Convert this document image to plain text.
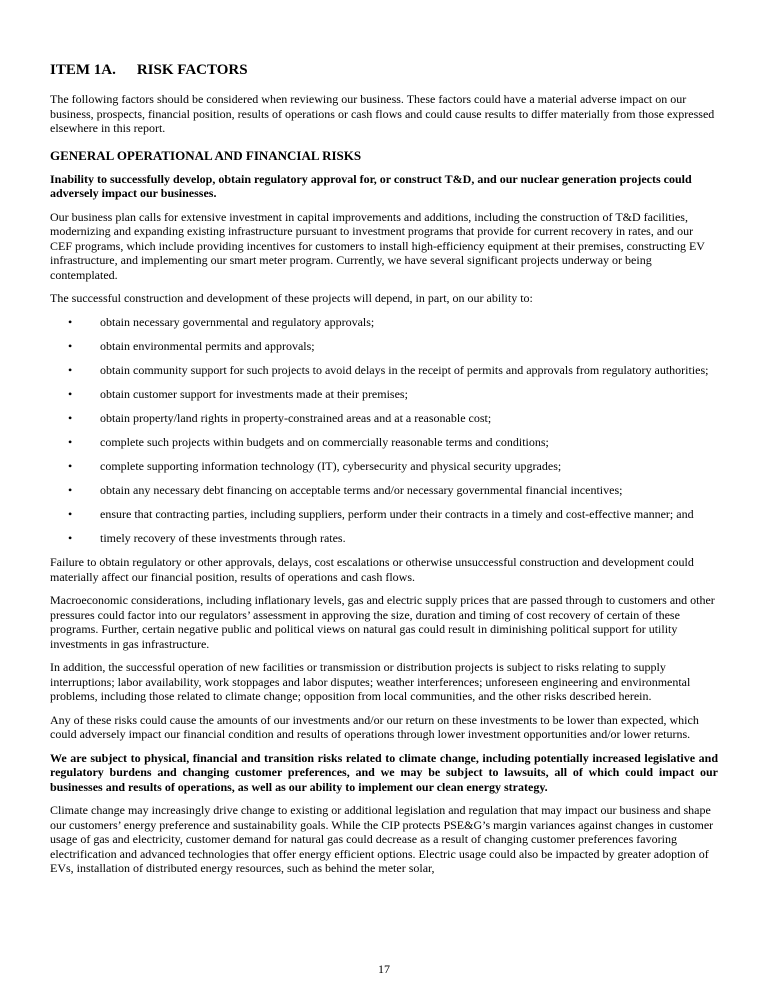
ITEM 1A. RISK FACTORS

The following factors should be considered when reviewing our business. These factors could have a material adverse impact on our business, prospects, financial position, results of operations or cash flows and could cause results to differ materially from those expressed elsewhere in this report.

GENERAL OPERATIONAL AND FINANCIAL RISKS

Inability to successfully develop, obtain regulatory approval for, or construct T&D, and our nuclear generation projects could adversely impact our businesses.

Our business plan calls for extensive investment in capital improvements and additions, including the construction of T&D facilities, modernizing and expanding existing infrastructure pursuant to investment programs that provide for current recovery in rates, and our CEF programs, which include providing incentives for customers to install high-efficiency equipment at their premises, constructing EV infrastructure, and implementing our smart meter program. Currently, we have several significant projects underway or being contemplated.

The successful construction and development of these projects will depend, in part, on our ability to:

• obtain necessary governmental and regulatory approvals;
• obtain environmental permits and approvals;
• obtain community support for such projects to avoid delays in the receipt of permits and approvals from regulatory authorities;
• obtain customer support for investments made at their premises;
• obtain property/land rights in property-constrained areas and at a reasonable cost;
• complete such projects within budgets and on commercially reasonable terms and conditions;
• complete supporting information technology (IT), cybersecurity and physical security upgrades;
• obtain any necessary debt financing on acceptable terms and/or necessary governmental financial incentives;
• ensure that contracting parties, including suppliers, perform under their contracts in a timely and cost-effective manner; and
• timely recovery of these investments through rates.

Failure to obtain regulatory or other approvals, delays, cost escalations or otherwise unsuccessful construction and development could materially affect our financial position, results of operations and cash flows.

Macroeconomic considerations, including inflationary levels, gas and electric supply prices that are passed through to customers and other pressures could factor into our regulators’ assessment in approving the size, duration and timing of cost recovery of certain of these programs. Further, certain negative public and political views on natural gas could result in diminishing political support for utility investments in gas infrastructure.

In addition, the successful operation of new facilities or transmission or distribution projects is subject to risks relating to supply interruptions; labor availability, work stoppages and labor disputes; weather interferences; unforeseen engineering and environmental problems, including those related to climate change; opposition from local communities, and the other risks described herein.

Any of these risks could cause the amounts of our investments and/or our return on these investments to be lower than expected, which could adversely impact our financial condition and results of operations through lower investment opportunities and/or lower returns.

We are subject to physical, financial and transition risks related to climate change, including potentially increased legislative and regulatory burdens and changing customer preferences, and we may be subject to lawsuits, all of which could impact our businesses and results of operations, as well as our ability to implement our clean energy strategy.

Climate change may increasingly drive change to existing or additional legislation and regulation that may impact our business and shape our customers’ energy preference and sustainability goals. While the CIP protects PSE&G’s margin variances against changes in customer usage of gas and electricity, customer demand for natural gas could decrease as a result of changing customer preferences favoring electrification and advanced technologies that offer energy efficient options. Electric usage could also be impacted by greater adoption of EVs, installation of distributed energy resources, such as behind the meter solar,

17
